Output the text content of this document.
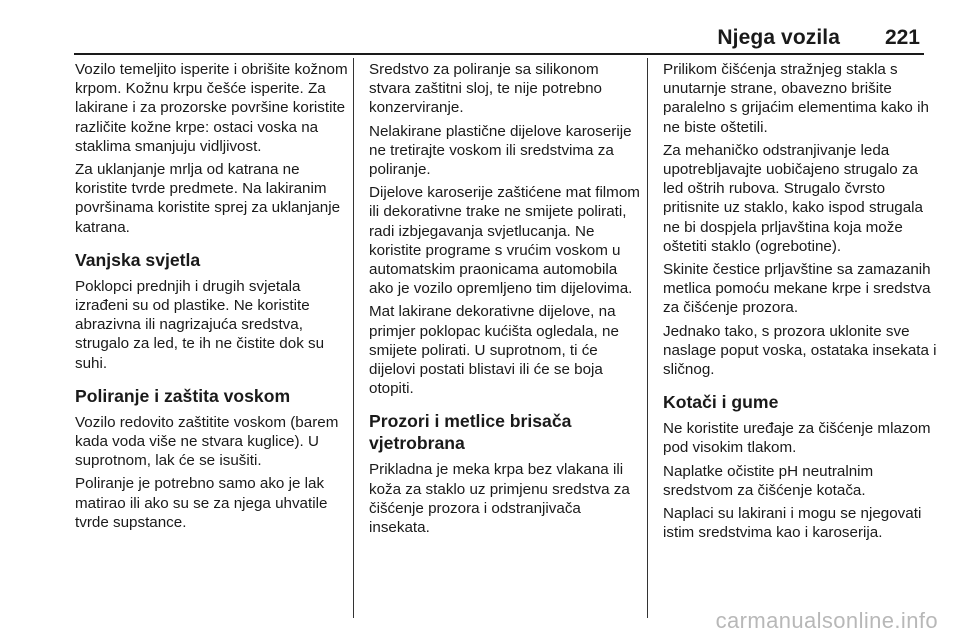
Njega vozila 221

Vozilo temeljito isperite i obrišite kožnom krpom. Kožnu krpu češće isperite. Za lakirane i za prozorske površine koristite različite kožne krpe: ostaci voska na staklima smanjuju vidljivost.

Za uklanjanje mrlja od katrana ne koristite tvrde predmete. Na lakiranim površinama koristite sprej za uklanjanje katrana.

Vanjska svjetla

Poklopci prednjih i drugih svjetala izrađeni su od plastike. Ne koristite abrazivna ili nagrizajuća sredstva, strugalo za led, te ih ne čistite dok su suhi.

Poliranje i zaštita voskom

Vozilo redovito zaštitite voskom (barem kada voda više ne stvara kuglice). U suprotnom, lak će se isušiti.

Poliranje je potrebno samo ako je lak matirao ili ako su se za njega uhvatile tvrde supstance.

Sredstvo za poliranje sa silikonom stvara zaštitni sloj, te nije potrebno konzerviranje.

Nelakirane plastične dijelove karoserije ne tretirajte voskom ili sredstvima za poliranje.

Dijelove karoserije zaštićene mat filmom ili dekorativne trake ne smijete polirati, radi izbjegavanja svjetlucanja. Ne koristite programe s vrućim voskom u automatskim praonicama automobila ako je vozilo opremljeno tim dijelovima.

Mat lakirane dekorativne dijelove, na primjer poklopac kućišta ogledala, ne smijete polirati. U suprotnom, ti će dijelovi postati blistavi ili će se boja otopiti.

Prozori i metlice brisača vjetrobrana

Prikladna je meka krpa bez vlakana ili koža za staklo uz primjenu sredstva za čišćenje prozora i odstranjivača insekata.

Prilikom čišćenja stražnjeg stakla s unutarnje strane, obavezno brišite paralelno s grijaćim elementima kako ih ne biste oštetili.

Za mehaničko odstranjivanje leda upotrebljavajte uobičajeno strugalo za led oštrih rubova. Strugalo čvrsto pritisnite uz staklo, kako ispod strugala ne bi dospjela prljavština koja može oštetiti staklo (ogrebotine).

Skinite čestice prljavštine sa zamazanih metlica pomoću mekane krpe i sredstva za čišćenje prozora.

Jednako tako, s prozora uklonite sve naslage poput voska, ostataka insekata i sličnog.

Kotači i gume

Ne koristite uređaje za čišćenje mlazom pod visokim tlakom.

Naplatke očistite pH neutralnim sredstvom za čišćenje kotača.

Naplaci su lakirani i mogu se njegovati istim sredstvima kao i karoserija.

carmanualsonline.info
